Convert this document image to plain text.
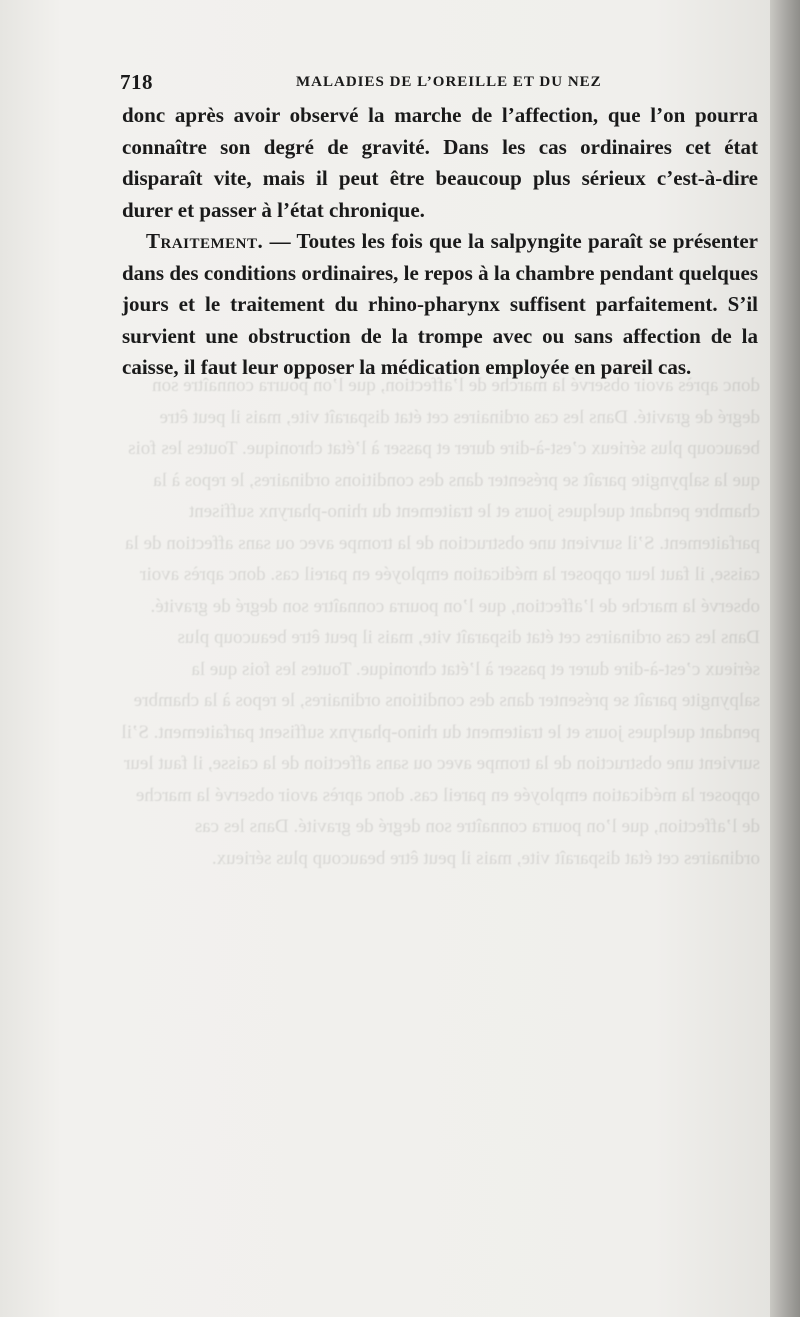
donc après avoir observé la marche de l’affection, que l’on pourra connaître son degré de gravité. Dans les cas ordinaires cet état disparaît vite, mais il peut être beaucoup plus sérieux c’est-à-dire durer et passer à l’état chronique. Toutes les fois que la salpyngite paraît se présenter dans des conditions ordinaires, le repos à la chambre pendant quelques jours et le traitement du rhino-pharynx suffisent parfaitement. S’il survient une obstruction de la trompe avec ou sans affection de la caisse, il faut leur opposer la médication employée en pareil cas. donc après avoir observé la marche de l’affection, que l’on pourra connaître son degré de gravité. Dans les cas ordinaires cet état disparaît vite, mais il peut être beaucoup plus sérieux c’est-à-dire durer et passer à l’état chronique. Toutes les fois que la salpyngite paraît se présenter dans des conditions ordinaires, le repos à la chambre pendant quelques jours et le traitement du rhino-pharynx suffisent parfaitement. S’il survient une obstruction de la trompe avec ou sans affection de la caisse, il faut leur opposer la médication employée en pareil cas. donc après avoir observé la marche de l’affection, que l’on pourra connaître son degré de gravité. Dans les cas ordinaires cet état disparaît vite, mais il peut être beaucoup plus sérieux.

718	MALADIES DE L’OREILLE ET DU NEZ

donc après avoir observé la marche de l’affection, que l’on pourra connaître son degré de gravité. Dans les cas ordinaires cet état disparaît vite, mais il peut être beaucoup plus sérieux c’est-à-dire durer et passer à l’état chronique.

Traitement. — Toutes les fois que la salpyngite paraît se présenter dans des conditions ordinaires, le repos à la chambre pendant quelques jours et le traitement du rhino-pharynx suffisent parfaitement. S’il survient une obstruction de la trompe avec ou sans affection de la caisse, il faut leur opposer la médication employée en pareil cas.
